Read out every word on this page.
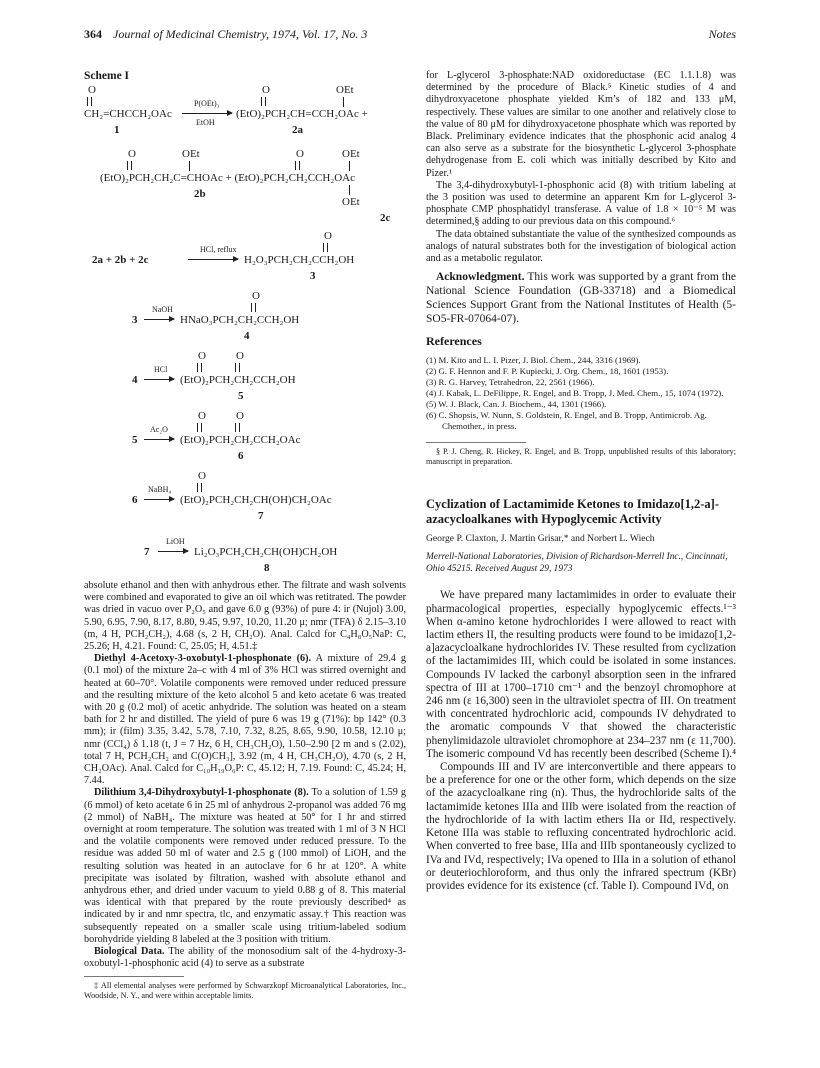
364 Journal of Medicinal Chemistry, 1974, Vol. 17, No. 3	Notes
Scheme I
O
CH₂=CHCCH₂OAc
P(OEt)₃
EtOH
O	OEt
(EtO)₂PCH₂CH=CCH₂OAc +
1	2a
O	OEt	O	OEt
(EtO)₂PCH₂CH₂C=CHOAc + (EtO)₂PCH₂CH₂CCH₂OAc
2b
OEt
2c
O
2a + 2b + 2c
HCl, reflux
H₂O₃PCH₂CH₂CCH₂OH
3
O
3
NaOH
→ HNaO₃PCH₂CH₂CCH₂OH
4
O	O
4
HCl
→ (EtO)₂PCH₂CH₂CCH₂OH
5
O	O
5
Ac₂O
→ (EtO)₂PCH₂CH₂CCH₂OAc
6
O
6
NaBH₄
→ (EtO)₂PCH₂CH₂CH(OH)CH₂OAc
7
7
LiOH
→ Li₂O₃PCH₂CH₂CH(OH)CH₂OH
8

absolute ethanol and then with anhydrous ether. The filtrate and wash solvents were combined and evaporated to give an oil which was retitrated. The powder was dried in vacuo over P₂O₅ and gave 6.0 g (93%) of pure 4: ir (Nujol) 3.00, 5.90, 6.95, 7.90, 8.17, 8.80, 9.45, 9.97, 10.20, 11.20 μ; nmr (TFA) δ 2.15–3.10 (m, 4 H, PCH₂CH₂), 4.68 (s, 2 H, CH₂O). Anal. Calcd for C₄H₈O₅NaP: C, 25.26; H, 4.21. Found: C, 25.05; H, 4.51.‡

Diethyl 4-Acetoxy-3-oxobutyl-1-phosphonate (6). A mixture of 29.4 g (0.1 mol) of the mixture 2a–c with 4 ml of 3% HCl was stirred overnight and heated at 60–70°. Volatile components were removed under reduced pressure and the resulting mixture of the keto alcohol 5 and keto acetate 6 was treated with 20 g (0.2 mol) of acetic anhydride. The solution was heated on a steam bath for 2 hr and distilled. The yield of pure 6 was 19 g (71%): bp 142° (0.3 mm); ir (film) 3.35, 3.42, 5.78, 7.10, 7.32, 8.25, 8.65, 9.90, 10.58, 12.10 μ; nmr (CCl₄) δ 1.18 (t, J = 7 Hz, 6 H, CH₃CH₂O), 1.50–2.90 [2 m and s (2.02), total 7 H, PCH₂CH₂ and C(O)CH₃], 3.92 (m, 4 H, CH₃CH₂O), 4.70 (s, 2 H, CH₂OAc). Anal. Calcd for C₁₀H₁₉O₆P: C, 45.12; H, 7.19. Found: C, 45.24; H, 7.44.

Dilithium 3,4-Dihydroxybutyl-1-phosphonate (8). To a solution of 1.59 g (6 mmol) of keto acetate 6 in 25 ml of anhydrous 2-propanol was added 76 mg (2 mmol) of NaBH₄. The mixture was heated at 50° for 1 hr and stirred overnight at room temperature. The solution was treated with 1 ml of 3 N HCl and the volatile components were removed under reduced pressure. To the residue was added 50 ml of water and 2.5 g (100 mmol) of LiOH, and the resulting solution was heated in an autoclave for 6 hr at 120°. A white precipitate was isolated by filtration, washed with absolute ethanol and anhydrous ether, and dried under vacuum to yield 0.88 g of 8. This material was identical with that prepared by the route previously described⁴ as indicated by ir and nmr spectra, tlc, and enzymatic assay.† This reaction was subsequently repeated on a smaller scale using tritium-labeled sodium borohydride yielding 8 labeled at the 3 position with tritium.

Biological Data. The ability of the monosodium salt of the 4-hydroxy-3-oxobutyl-1-phosphonic acid (4) to serve as a substrate

‡ All elemental analyses were performed by Schwarzkopf Microanalytical Laboratories, Inc., Woodside, N. Y., and were within acceptable limits.

for L-glycerol 3-phosphate:NAD oxidoreductase (EC 1.1.1.8) was determined by the procedure of Black.⁵ Kinetic studies of 4 and dihydroxyacetone phosphate yielded Km’s of 182 and 133 μM, respectively. These values are similar to one another and relatively close to the value of 80 μM for dihydroxyacetone phosphate which was reported by Black. Preliminary evidence indicates that the phosphonic acid analog 4 can also serve as a substrate for the biosynthetic L-glycerol 3-phosphate dehydrogenase from E. coli which was initially described by Kito and Pizer.¹

The 3,4-dihydroxybutyl-1-phosphonic acid (8) with tritium labeling at the 3 position was used to determine an apparent Km for L-glycerol 3-phosphate CMP phosphatidyl transferase. A value of 1.8 × 10⁻⁵ M was determined,§ adding to our previous data on this compound.⁶

The data obtained substantiate the value of the synthesized compounds as analogs of natural substrates both for the investigation of biological action and as a metabolic regulator.

Acknowledgment. This work was supported by a grant from the National Science Foundation (GB-33718) and a Biomedical Sciences Support Grant from the National Institutes of Health (5-SO5-FR-07064-07).

References

(1) M. Kito and L. I. Pizer, J. Biol. Chem., 244, 3316 (1969).

(2) G. F. Hennon and F. P. Kupiecki, J. Org. Chem., 18, 1601 (1953).

(3) R. G. Harvey, Tetrahedron, 22, 2561 (1966).

(4) J. Kabak, L. DeFilippe, R. Engel, and B. Tropp, J. Med. Chem., 15, 1074 (1972).

(5) W. J. Black, Can. J. Biochem., 44, 1301 (1966).

(6) C. Shopsis, W. Nunn, S. Goldstein, R. Engel, and B. Tropp, Antimicrob. Ag. Chemother., in press.

§ P. J. Cheng, R. Hickey, R. Engel, and B. Tropp, unpublished results of this laboratory; manuscript in preparation.

Cyclization of Lactamimide Ketones to Imidazo[1,2-a]-azacycloalkanes with Hypoglycemic Activity

George P. Claxton, J. Martin Grisar,* and Norbert L. Wiech

Merrell-National Laboratories, Division of Richardson-Merrell Inc., Cincinnati, Ohio 45215. Received August 29, 1973

We have prepared many lactamimides in order to evaluate their pharmacological properties, especially hypoglycemic effects.¹⁻³ When α-amino ketone hydrochlorides I were allowed to react with lactim ethers II, the resulting products were found to be imidazo[1,2-a]azacycloalkane hydrochlorides IV. These resulted from cyclization of the lactamimides III, which could be isolated in some instances. Compounds IV lacked the carbonyl absorption seen in the infrared spectra of III at 1700–1710 cm⁻¹ and the benzoyl chromophore at 246 nm (ε 16,300) seen in the ultraviolet spectra of III. On treatment with concentrated hydrochloric acid, compounds IV dehydrated to the aromatic compounds V that showed the characteristic phenylimidazole ultraviolet chromophore at 234–237 nm (ε 11,700). The isomeric compound Vd has recently been described (Scheme I).⁴

Compounds III and IV are interconvertible and there appears to be a preference for one or the other form, which depends on the size of the azacycloalkane ring (n). Thus, the hydrochloride salts of the lactamimide ketones IIIa and IIIb were isolated from the reaction of the hydrochloride of Ia with lactim ethers IIa or IId, respectively. Ketone IIIa was stable to refluxing concentrated hydrochloric acid. When converted to free base, IIIa and IIIb spontaneously cyclized to IVa and IVd, respectively; IVa opened to IIIa in a solution of ethanol or deuteriochloroform, and thus only the infrared spectrum (KBr) provides evidence for its existence (cf. Table I). Compound IVd, on
